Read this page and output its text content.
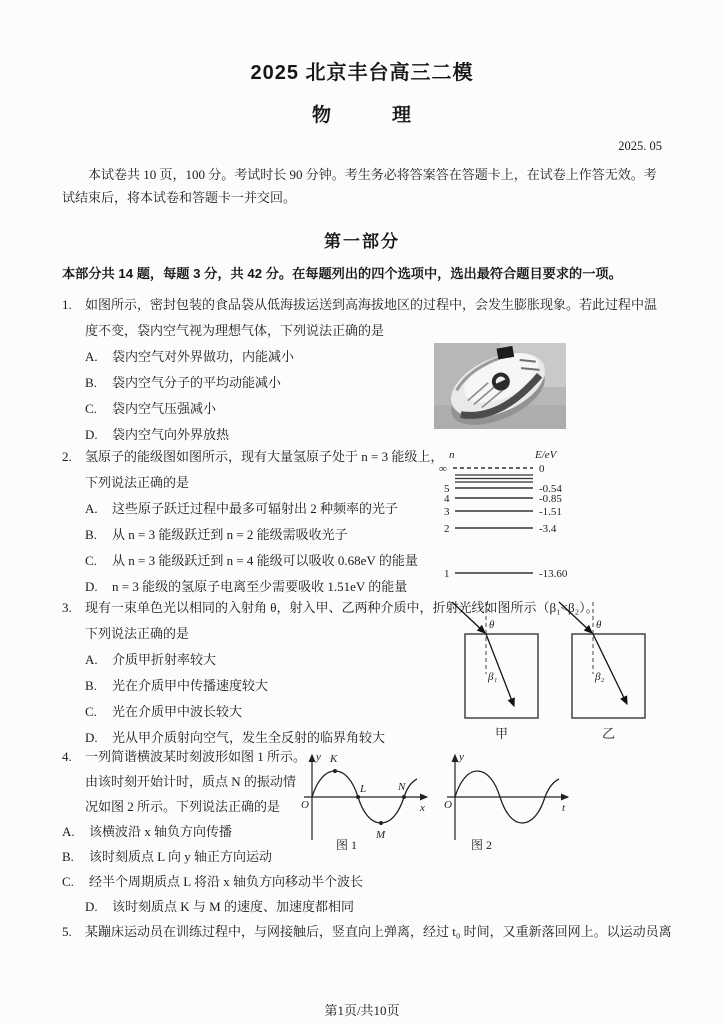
2025 北京丰台高三二模
物　　　理
2025. 05
本试卷共 10 页，100 分。考试时长 90 分钟。考生务必将答案答在答题卡上，在试卷上作答无效。考
试结束后，将本试卷和答题卡一并交回。
第一部分
本部分共 14 题，每题 3 分，共 42 分。在每题列出的四个选项中，选出最符合题目要求的一项。
1.	如图所示，密封包装的食品袋从低海拔运送到高海拔地区的过程中，会发生膨胀现象。若此过程中温
度不变，袋内空气视为理想气体，下列说法正确的是
A.	袋内空气对外界做功，内能减小
B.	袋内空气分子的平均动能减小
C.	袋内空气压强减小
D.	袋内空气向外界放热
2.	氢原子的能级图如图所示，现有大量氢原子处于 n = 3 能级上，
下列说法正确的是
A.	这些原子跃迁过程中最多可辐射出 2 种频率的光子
B.	从 n = 3 能级跃迁到 n = 2 能级需吸收光子
C.	从 n = 3 能级跃迁到 n = 4 能级可以吸收 0.68eV 的能量
D.	n = 3 能级的氢原子电离至少需要吸收 1.51eV 的能量
n	E/eV
∞	0
5	-0.54
4	-0.85
3	-1.51
2	-3.4
1	-13.60
3.	现有一束单色光以相同的入射角 θ，射入甲、乙两种介质中，折射光线如图所示（β₁<β₂）。
下列说法正确的是
A.	介质甲折射率较大
B.	光在介质甲中传播速度较大
C.	光在介质甲中波长较大
D.	光从甲介质射向空气，发生全反射的临界角较大
θ
β₁
甲
θ
β₂
乙
4.	一列简谐横波某时刻波形如图 1 所示。
由该时刻开始计时，质点 N 的振动情
况如图 2 所示。下列说法正确的是
A.	该横波沿 x 轴负方向传播
B.	该时刻质点 L 向 y 轴正方向运动
C.	经半个周期质点 L 将沿 x 轴负方向移动半个波长
D.	该时刻质点 K 与 M 的速度、加速度都相同
y
x
O
K
L
M
N
图 1
y
t
O
图 2
5.	某蹦床运动员在训练过程中，与网接触后，竖直向上弹离，经过 t₀ 时间，又重新落回网上。以运动员离
第1页/共10页
